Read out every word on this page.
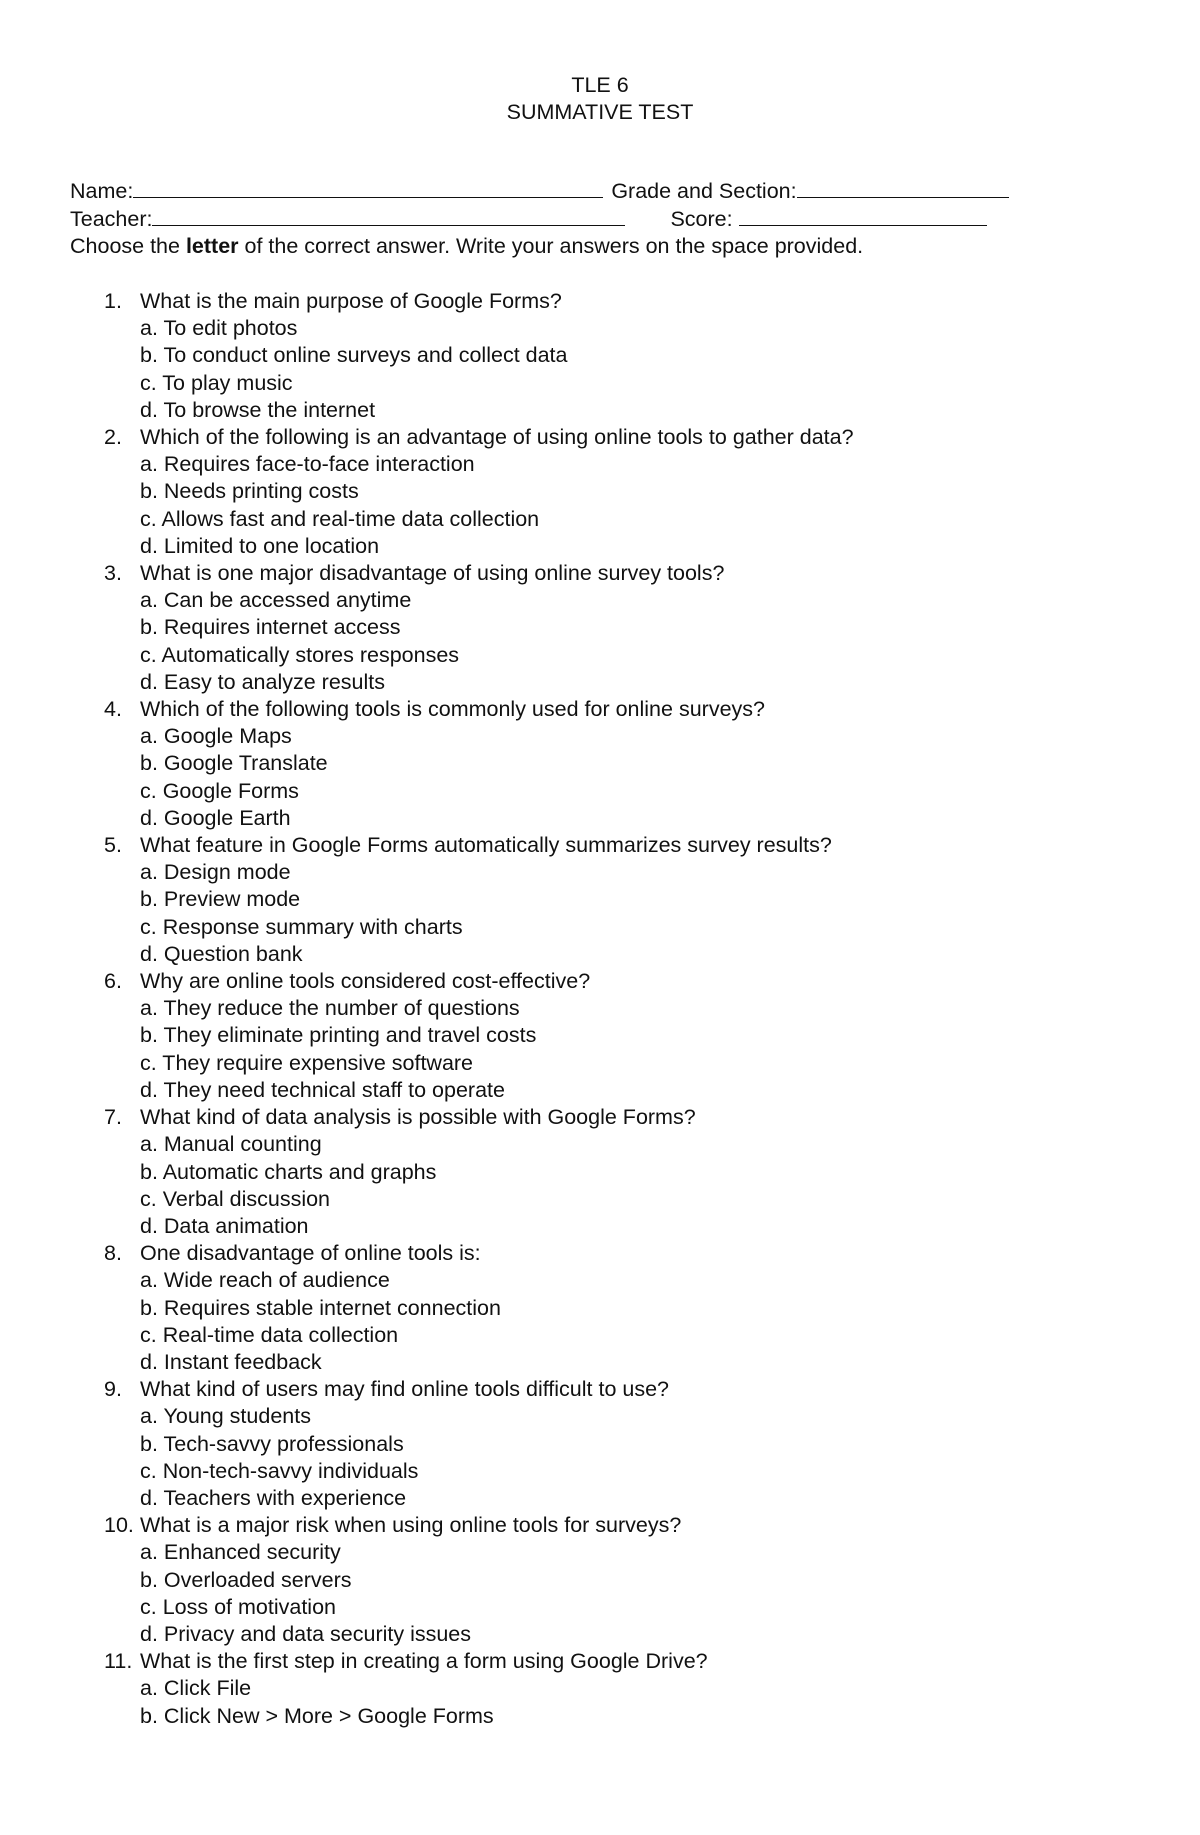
TLE 6
SUMMATIVE TEST
Name:	Grade and Section:
Teacher:	Score:
Choose the letter of the correct answer. Write your answers on the space provided.
1. What is the main purpose of Google Forms?
a. To edit photos
b. To conduct online surveys and collect data
c. To play music
d. To browse the internet
2. Which of the following is an advantage of using online tools to gather data?
a. Requires face-to-face interaction
b. Needs printing costs
c. Allows fast and real-time data collection
d. Limited to one location
3. What is one major disadvantage of using online survey tools?
a. Can be accessed anytime
b. Requires internet access
c. Automatically stores responses
d. Easy to analyze results
4. Which of the following tools is commonly used for online surveys?
a. Google Maps
b. Google Translate
c. Google Forms
d. Google Earth
5. What feature in Google Forms automatically summarizes survey results?
a. Design mode
b. Preview mode
c. Response summary with charts
d. Question bank
6. Why are online tools considered cost-effective?
a. They reduce the number of questions
b. They eliminate printing and travel costs
c. They require expensive software
d. They need technical staff to operate
7. What kind of data analysis is possible with Google Forms?
a. Manual counting
b. Automatic charts and graphs
c. Verbal discussion
d. Data animation
8. One disadvantage of online tools is:
a. Wide reach of audience
b. Requires stable internet connection
c. Real-time data collection
d. Instant feedback
9. What kind of users may find online tools difficult to use?
a. Young students
b. Tech-savvy professionals
c. Non-tech-savvy individuals
d. Teachers with experience
10. What is a major risk when using online tools for surveys?
a. Enhanced security
b. Overloaded servers
c. Loss of motivation
d. Privacy and data security issues
11. What is the first step in creating a form using Google Drive?
a. Click File
b. Click New > More > Google Forms
